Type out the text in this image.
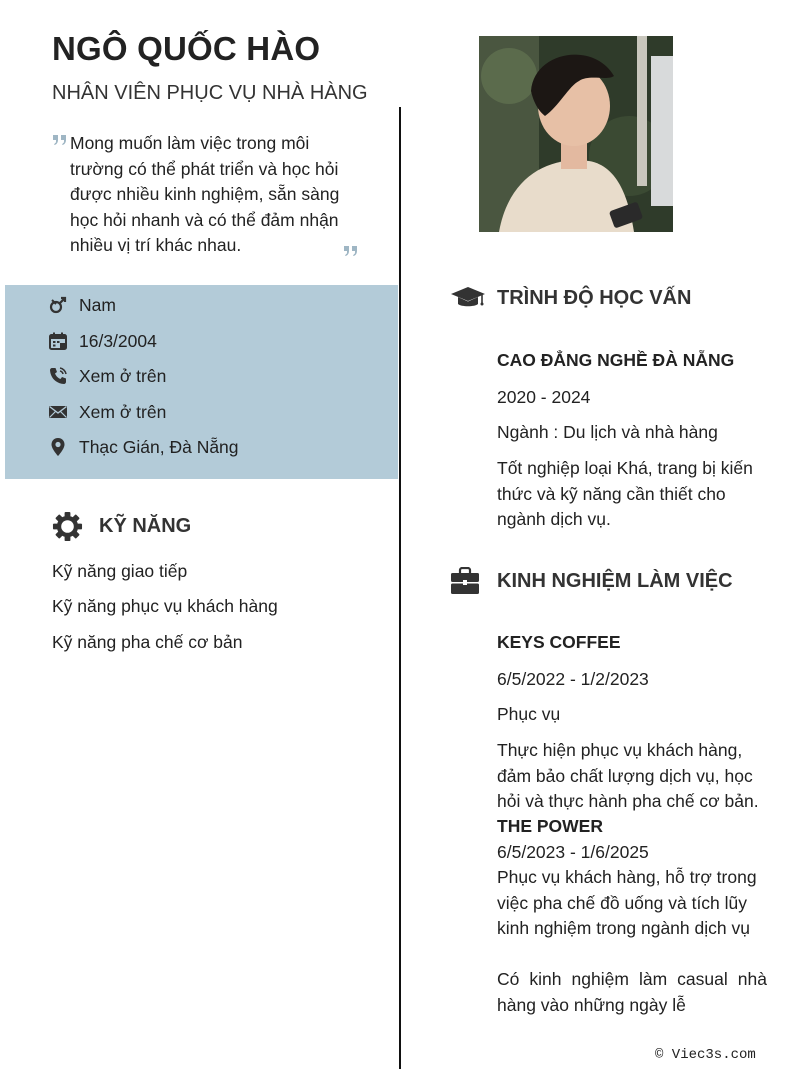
NGÔ QUỐC HÀO
NHÂN VIÊN PHỤC VỤ NHÀ HÀNG
Mong muốn làm việc trong môi trường có thể phát triển và học hỏi được nhiều kinh nghiệm, sẵn sàng học hỏi nhanh và có thể đảm nhận nhiều vị trí khác nhau.
Nam
16/3/2004
Xem ở trên
Xem ở trên
Thạc Gián, Đà Nẵng
KỸ NĂNG
Kỹ năng giao tiếp
Kỹ năng phục vụ khách hàng
Kỹ năng pha chế cơ bản
TRÌNH ĐỘ HỌC VẤN
CAO ĐẲNG NGHỀ ĐÀ NẴNG
2020 - 2024
Ngành : Du lịch và nhà hàng
Tốt nghiệp loại Khá, trang bị kiến thức và kỹ năng cần thiết cho ngành dịch vụ.
KINH NGHIỆM LÀM VIỆC
KEYS COFFEE
6/5/2022 - 1/2/2023
Phục vụ
Thực hiện phục vụ khách hàng, đảm bảo chất lượng dịch vụ, học hỏi và thực hành pha chế cơ bản.
THE POWER
6/5/2023 - 1/6/2025
Phục vụ khách hàng, hỗ trợ trong việc pha chế đồ uống và tích lũy kinh nghiệm trong ngành dịch vụ
Có kinh nghiệm làm casual nhà hàng vào những ngày lễ
© Viec3s.com
